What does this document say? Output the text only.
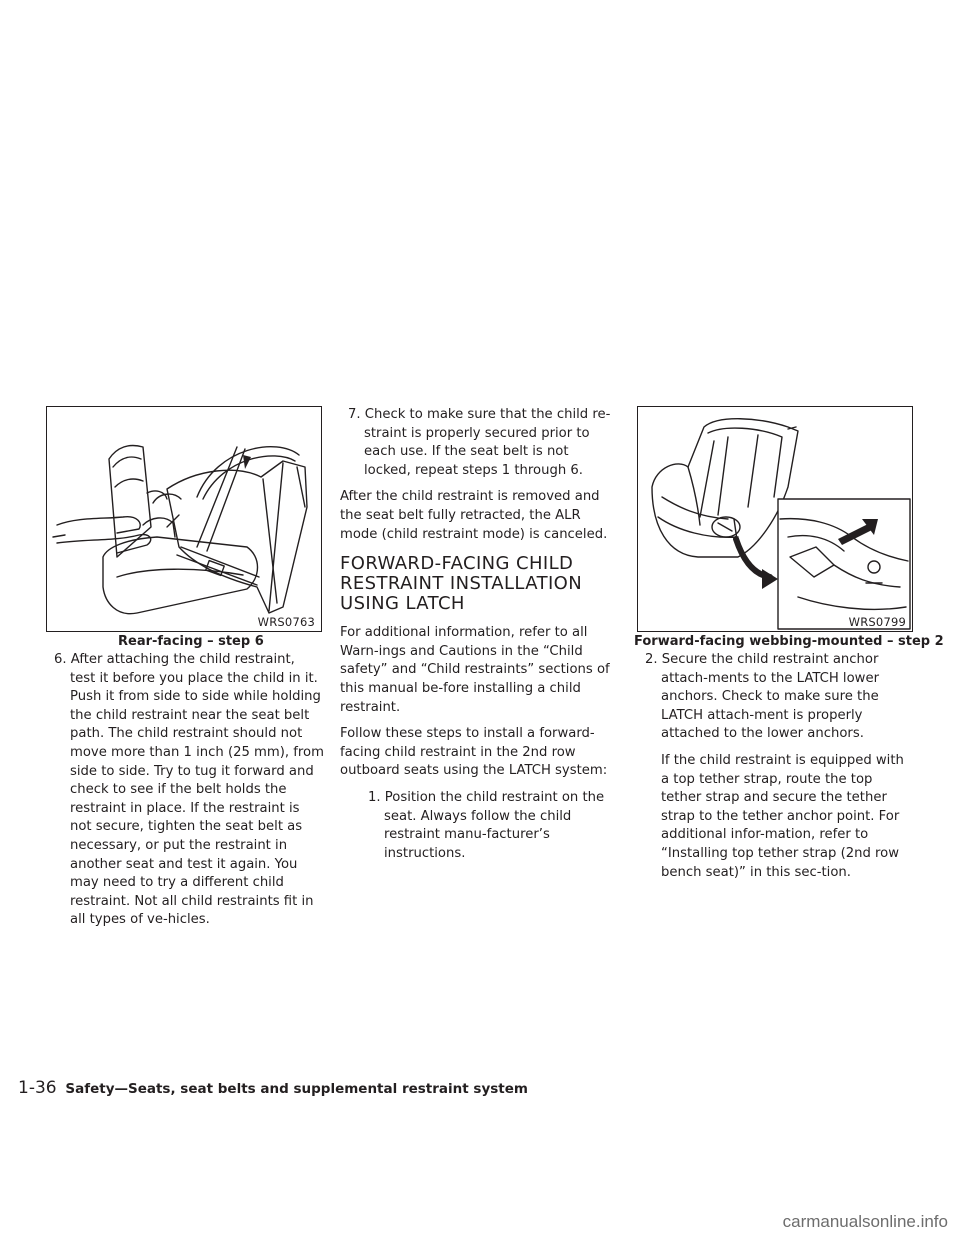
WRS0763
Rear-facing – step 6
WRS0799
Forward-facing webbing-mounted – step 2
6. After attaching the child restraint, test it before you place the child in it. Push it from side to side while holding the child restraint near the seat belt path. The child restraint should not move more than 1 inch (25 mm), from side to side. Try to tug it forward and check to see if the belt holds the restraint in place. If the restraint is not secure, tighten the seat belt as necessary, or put the restraint in another seat and test it again. You may need to try a different child restraint. Not all child restraints fit in all types of ve-hicles.
7. Check to make sure that the child re-straint is properly secured prior to each use. If the seat belt is not locked, repeat steps 1 through 6.

After the child restraint is removed and the seat belt fully retracted, the ALR mode (child restraint mode) is canceled.

FORWARD-FACING CHILD RESTRAINT INSTALLATION USING LATCH

For additional information, refer to all Warn-ings and Cautions in the “Child safety” and “Child restraints” sections of this manual be-fore installing a child restraint.

Follow these steps to install a forward-facing child restraint in the 2nd row outboard seats using the LATCH system:

1. Position the child restraint on the seat. Always follow the child restraint manu-facturer’s instructions.
2. Secure the child restraint anchor attach-ments to the LATCH lower anchors. Check to make sure the LATCH attach-ment is properly attached to the lower anchors.

If the child restraint is equipped with a top tether strap, route the top tether strap and secure the tether strap to the tether anchor point. For additional infor-mation, refer to “Installing top tether strap (2nd row bench seat)” in this sec-tion.

1-36 Safety—Seats, seat belts and supplemental restraint system
carmanualsonline.info
